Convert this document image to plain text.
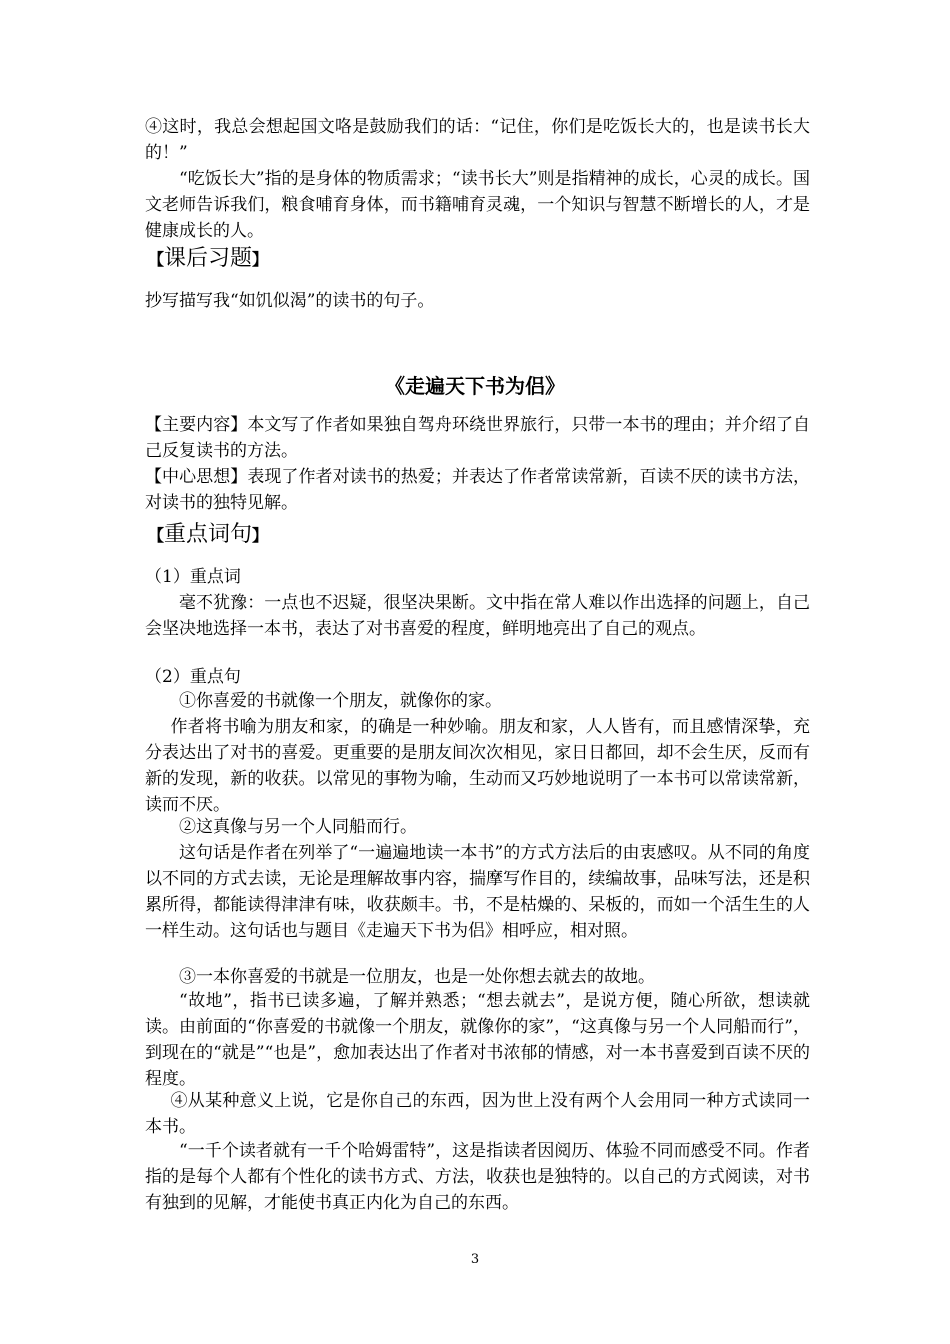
④这时，我总会想起国文咯是鼓励我们的话：“记住，你们是吃饭长大的，也是读书长大的！”

“吃饭长大”指的是身体的物质需求；“读书长大”则是指精神的成长，心灵的成长。国文老师告诉我们，粮食哺育身体，而书籍哺育灵魂，一个知识与智慧不断增长的人，才是健康成长的人。

【课后习题】

抄写描写我“如饥似渴”的读书的句子。

《走遍天下书为侣》

【主要内容】本文写了作者如果独自驾舟环绕世界旅行，只带一本书的理由；并介绍了自己反复读书的方法。

【中心思想】表现了作者对读书的热爱；并表达了作者常读常新，百读不厌的读书方法，对读书的独特见解。

【重点词句】

（1）重点词

毫不犹豫：一点也不迟疑，很坚决果断。文中指在常人难以作出选择的问题上，自己会坚决地选择一本书，表达了对书喜爱的程度，鲜明地亮出了自己的观点。

（2）重点句

①你喜爱的书就像一个朋友，就像你的家。

作者将书喻为朋友和家，的确是一种妙喻。朋友和家，人人皆有，而且感情深挚，充分表达出了对书的喜爱。更重要的是朋友间次次相见，家日日都回，却不会生厌，反而有新的发现，新的收获。以常见的事物为喻，生动而又巧妙地说明了一本书可以常读常新，读而不厌。

②这真像与另一个人同船而行。

这句话是作者在列举了“一遍遍地读一本书”的方式方法后的由衷感叹。从不同的角度以不同的方式去读，无论是理解故事内容，揣摩写作目的，续编故事，品味写法，还是积累所得，都能读得津津有味，收获颇丰。书，不是枯燥的、呆板的，而如一个活生生的人一样生动。这句话也与题目《走遍天下书为侣》相呼应，相对照。

③一本你喜爱的书就是一位朋友，也是一处你想去就去的故地。

“故地”，指书已读多遍，了解并熟悉；“想去就去”，是说方便，随心所欲，想读就读。由前面的“你喜爱的书就像一个朋友，就像你的家”，“这真像与另一个人同船而行”，到现在的“就是”“也是”，愈加表达出了作者对书浓郁的情感，对一本书喜爱到百读不厌的程度。

④从某种意义上说，它是你自己的东西，因为世上没有两个人会用同一种方式读同一本书。

“一千个读者就有一千个哈姆雷特”，这是指读者因阅历、体验不同而感受不同。作者指的是每个人都有个性化的读书方式、方法，收获也是独特的。以自己的方式阅读，对书有独到的见解，才能使书真正内化为自己的东西。

3
